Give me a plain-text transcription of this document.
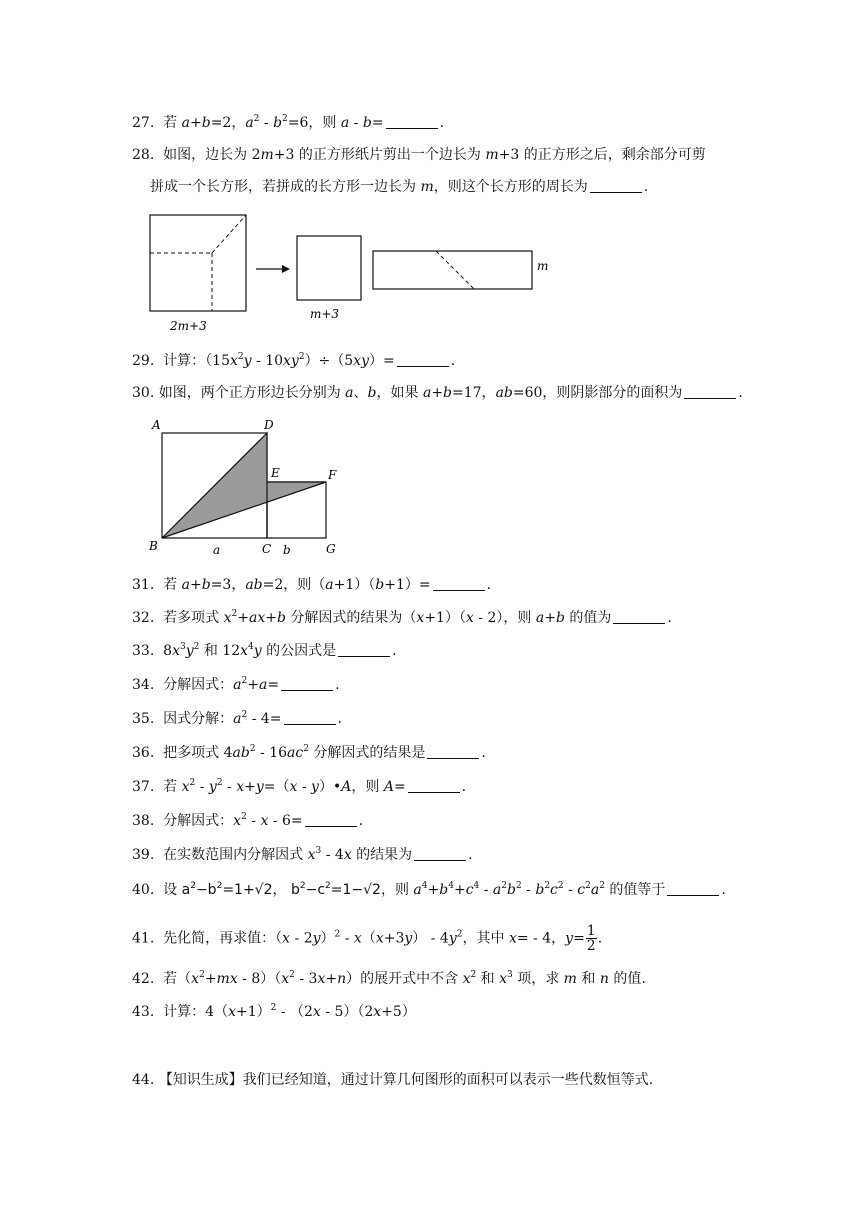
27. 若 a+b=2，$a^2 - b^2=6$，则 a - b=	.
28. 如图，边长为 2m+3 的正方形纸片剪出一个边长为 m+3 的正方形之后，剩余部分可剪
拼成一个长方形，若拼成的长方形一边长为 m，则这个长方形的周长为	.
2m+3
m+3
m
29. 计算：$(15x^2y - 10xy^2)\div(5xy)=$	.
30. 如图，两个正方形边长分别为 a、b，如果 a+b=17，ab=60，则阴影部分的面积为	.
A	D
E	F
B	C	G
a	b
31. 若 a+b=3，ab=2，则（a+1）（b+1）=	.
32. 若多项式 $x^2+ax+b$ 分解因式的结果为（x+1）（x - 2），则 a+b 的值为	.
33. $8x^3y^2$ 和 $12x^4y$ 的公因式是	.
34. 分解因式：$a^2+a=$	.
35. 因式分解：$a^2 - 4=$	.
36. 把多项式 $4ab^2 - 16ac^2$ 分解因式的结果是	.
37. 若 $x^2 - y^2 - x+y=(x$ - y）•A，则 A=	.
38. 分解因式：$x^2 - x - 6=$	.
39. 在实数范围内分解因式 $x^3 - 4x$ 的结果为	.
40. 设 $a^2-b^2=1+√2$， $b^2-c^2=1-√2$，则 $a^4+b^4+c^4 - a^2b^2 - b^2c^2 - c^2a^2$ 的值等于	.
41. 先化简，再求值：$(x - 2y)^2 - x(x+3y) - 4y^2$，其中 x= - 4，$y= \frac{1}{2}$ .
42. 若$(x^2+mx - 8)(x^2 - 3x+n)$的展开式中不含 $x^2$ 和 $x^3$ 项，求 m 和 n 的值.
43. 计算：$4(x+1)^2 - (2x - 5)(2x+5)$
44. 【知识生成】我们已经知道，通过计算几何图形的面积可以表示一些代数恒等式.
